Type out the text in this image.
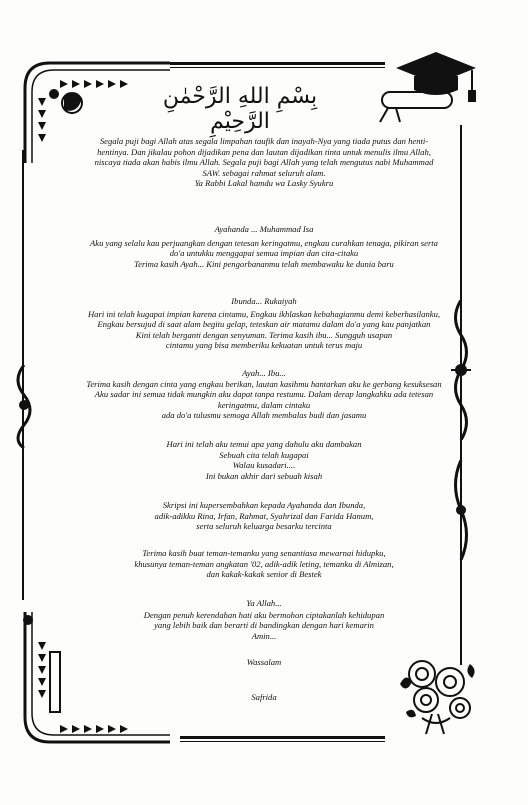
بِسْمِ اللهِ الرَّحْمٰنِ الرَّحِيْمِ
Segala puji bagi Allah atas segala limpahan taufik dan inayah-Nya yang tiada putus dan henti-
hentinya. Dan jikalau pohon dijadikan pena dan lautan dijadikan tinta untuk menulis ilmu Allah,
niscaya tiada akan habis ilmu Allah. Segala puji bagi Allah yang telah mengutus nabi Muhammad
SAW. sebagai rahmat seluruh alam.
Ya Rabbi Lakal hamdu wa Lasky Syukru
Ayahanda ... Muhammad Isa
Aku yang selalu kau perjuangkan dengan tetesan keringatmu, engkau curahkan tenaga, pikiran serta
do'a untukku menggapai semua impian dan cita-citaku
Terima kasih Ayah... Kini pengorbananmu telah membawaku ke dunia baru
Ibunda... Rukaiyah
Hari ini telah kugapai impian karena cintamu, Engkau ikhlaskan kebahagianmu demi keberhasilanku,
Engkau bersujud di saat alam begitu gelap, teteskan air matamu dalam do'a yang kau panjatkan
Kini telah berganti dengan senyuman. Terima kasih ibu... Sungguh usapan
cintamu yang bisa memberiku kekuatan untuk terus maju
Ayah... Ibu...
Terima kasih dengan cinta yang engkau berikan, lautan kasihmu hantarkan aku ke gerbang kesuksesan
Aku sadar ini semua tidak mungkin aku dapat tanpa restumu. Dalam derap langkahku ada tetesan
keringatmu, dalam cintaku
ada do'a tulusmu semoga Allah membalas budi dan jasamu
Hari ini telah aku temui apa yang dahulu aku dambakan
Sebuah cita telah kugapai
Walau kusadari....
Ini bukan akhir dari sebuah kisah
Skripsi ini kupersembahkan kepada Ayahanda dan Ibunda,
adik-adikku Rina, Irfan, Rahmat, Syahrizal dan Farida Hanum,
serta seluruh keluarga besarku tercinta
Terima kasih buat teman-temanku yang senantiasa mewarnai hidupku,
khusunya teman-teman angkatan '02, adik-adik leting, temanku di Almizan,
dan kakak-kakak senior di Bestek
Ya Allah...
Dengan penuh kerendahan hati aku bermohon ciptakanlah kehidupan
yang lebih baik dan berarti di bandingkan dengan hari kemarin
Amin...
Wassalam
Safrida
